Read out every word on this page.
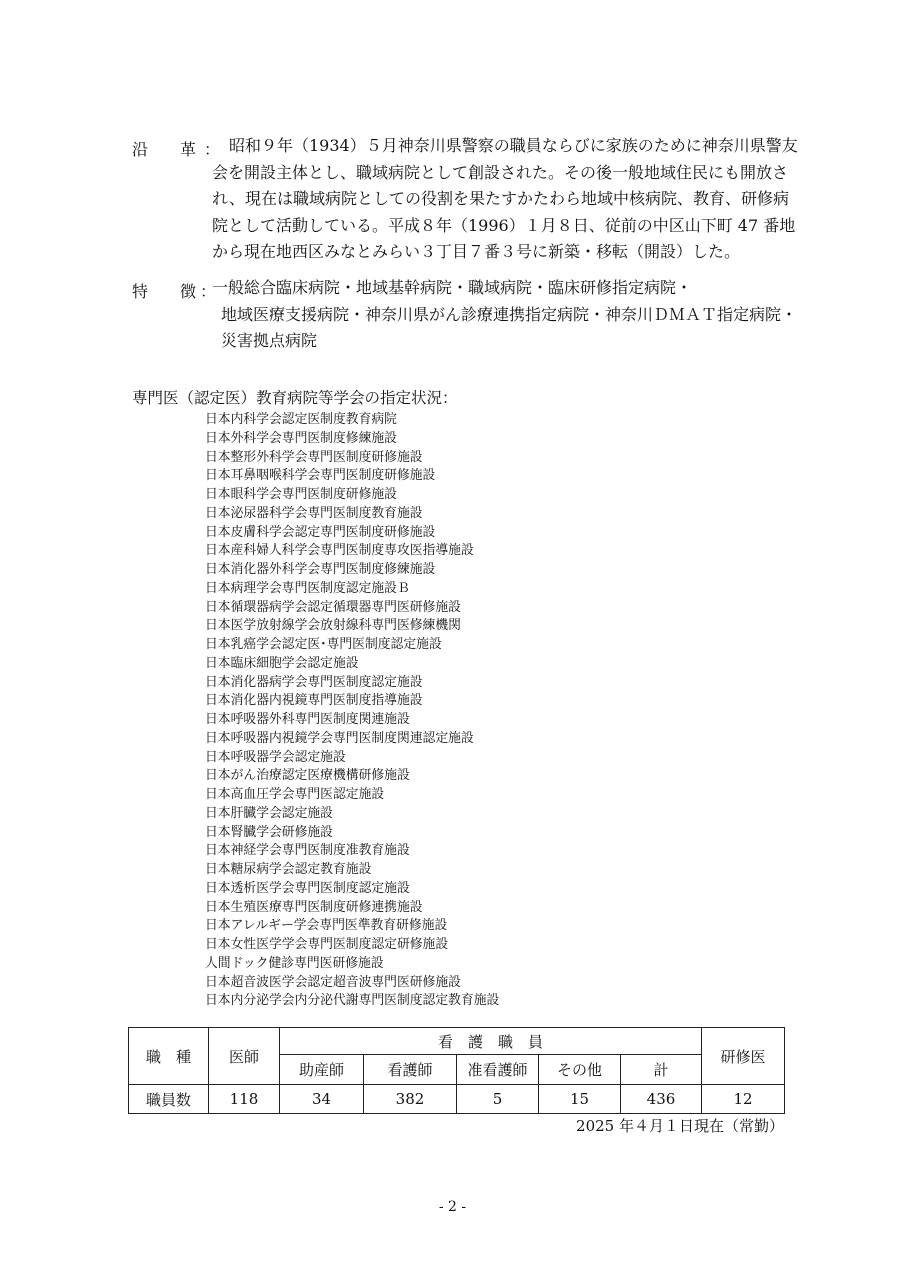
沿　　革 ： 昭和９年（1934）５月神奈川県警察の職員ならびに家族のために神奈川県警友
会を開設主体とし、職域病院として創設された。その後一般地域住民にも開放さ
れ、現在は職域病院としての役割を果たすかたわら地域中核病院、教育、研修病
院として活動している。平成８年（1996）１月８日、従前の中区山下町 47 番地
から現在地西区みなとみらい３丁目７番３号に新築・移転（開設）した。
特　　徴 ：
一般総合臨床病院・地域基幹病院・職域病院・臨床研修指定病院・
地域医療支援病院・神奈川県がん診療連携指定病院・神奈川ＤＭＡＴ指定病院・
災害拠点病院
専門医（認定医）教育病院等学会の指定状況：
日本内科学会認定医制度教育病院
日本外科学会専門医制度修練施設
日本整形外科学会専門医制度研修施設
日本耳鼻咽喉科学会専門医制度研修施設
日本眼科学会専門医制度研修施設
日本泌尿器科学会専門医制度教育施設
日本皮膚科学会認定専門医制度研修施設
日本産科婦人科学会専門医制度専攻医指導施設
日本消化器外科学会専門医制度修練施設
日本病理学会専門医制度認定施設Ｂ
日本循環器病学会認定循環器専門医研修施設
日本医学放射線学会放射線科専門医修練機関
日本乳癌学会認定医･専門医制度認定施設
日本臨床細胞学会認定施設
日本消化器病学会専門医制度認定施設
日本消化器内視鏡専門医制度指導施設
日本呼吸器外科専門医制度関連施設
日本呼吸器内視鏡学会専門医制度関連認定施設
日本呼吸器学会認定施設
日本がん治療認定医療機構研修施設
日本高血圧学会専門医認定施設
日本肝臓学会認定施設
日本腎臓学会研修施設
日本神経学会専門医制度准教育施設
日本糖尿病学会認定教育施設
日本透析医学会専門医制度認定施設
日本生殖医療専門医制度研修連携施設
日本アレルギー学会専門医準教育研修施設
日本女性医学学会専門医制度認定研修施設
人間ドック健診専門医研修施設
日本超音波医学会認定超音波専門医研修施設
日本内分泌学会内分泌代謝専門医制度認定教育施設
職　種	医師	看　護　職　員					研修医
		助産師	看護師	准看護師	その他	計	
職員数	118	34	382	5	15	436	12
2025 年４月１日現在（常勤）
- 2 -
